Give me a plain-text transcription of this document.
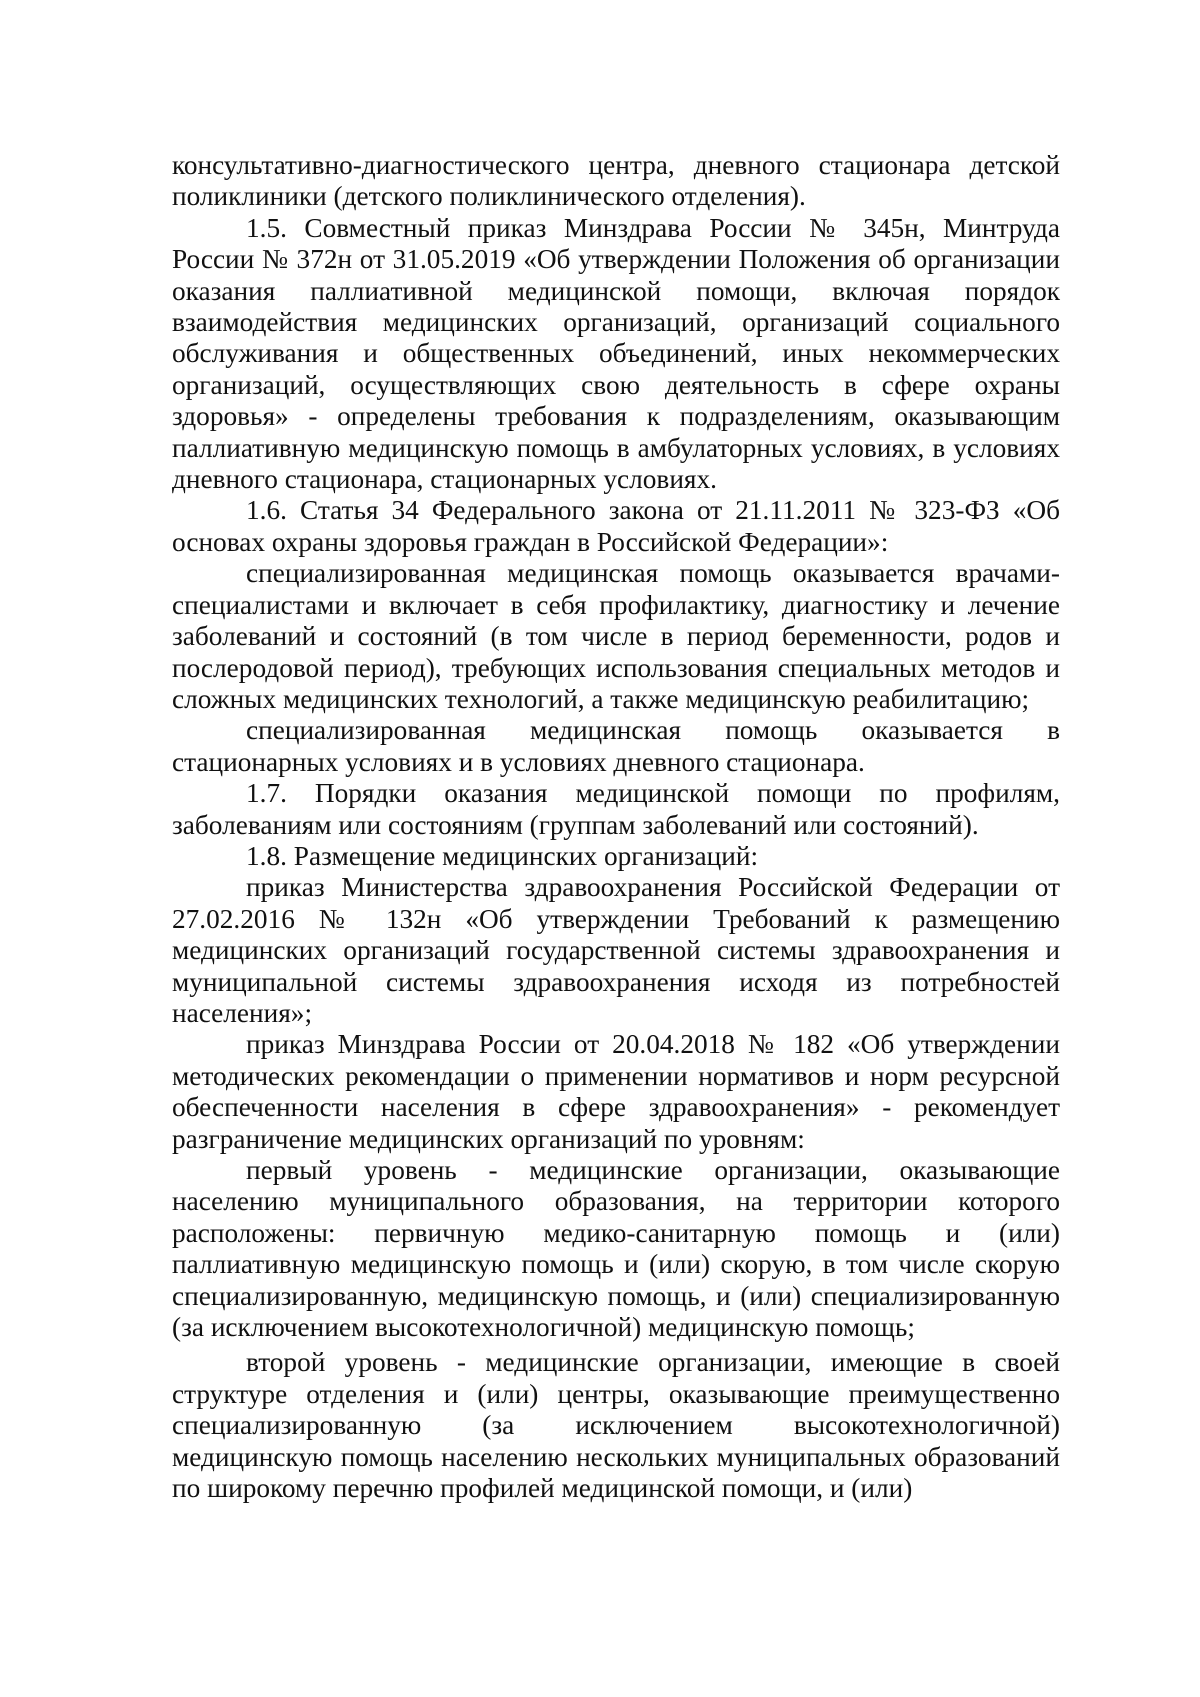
консультативно-диагностического центра, дневного стационара детской поликлиники (детского поликлинического отделения).

1.5. Совместный приказ Минздрава России № 345н, Минтруда России № 372н от 31.05.2019 «Об утверждении Положения об организации оказания паллиативной медицинской помощи, включая порядок взаимодействия медицинских организаций, организаций социального обслуживания и общественных объединений, иных некоммерческих организаций, осуществляющих свою деятельность в сфере охраны здоровья» - определены требования к подразделениям, оказывающим паллиативную медицинскую помощь в амбулаторных условиях, в условиях дневного стационара, стационарных условиях.

1.6. Статья 34 Федерального закона от 21.11.2011 № 323-ФЗ «Об основах охраны здоровья граждан в Российской Федерации»:

специализированная медицинская помощь оказывается врачами-специалистами и включает в себя профилактику, диагностику и лечение заболеваний и состояний (в том числе в период беременности, родов и послеродовой период), требующих использования специальных методов и сложных медицинских технологий, а также медицинскую реабилитацию;

специализированная медицинская помощь оказывается в стационарных условиях и в условиях дневного стационара.

1.7. Порядки оказания медицинской помощи по профилям, заболеваниям или состояниям (группам заболеваний или состояний).

1.8. Размещение медицинских организаций:

приказ Министерства здравоохранения Российской Федерации от 27.02.2016 № 132н «Об утверждении Требований к размещению медицинских организаций государственной системы здравоохранения и муниципальной системы здравоохранения исходя из потребностей населения»;

приказ Минздрава России от 20.04.2018 № 182 «Об утверждении методических рекомендации о применении нормативов и норм ресурсной обеспеченности населения в сфере здравоохранения» - рекомендует разграничение медицинских организаций по уровням:

первый уровень - медицинские организации, оказывающие населению муниципального образования, на территории которого расположены: первичную медико-санитарную помощь и (или) паллиативную медицинскую помощь и (или) скорую, в том числе скорую специализированную, медицинскую помощь, и (или) специализированную (за исключением высокотехнологичной) медицинскую помощь;

второй уровень - медицинские организации, имеющие в своей структуре отделения и (или) центры, оказывающие преимущественно специализированную (за исключением высокотехнологичной) медицинскую помощь населению нескольких муниципальных образований по широкому перечню профилей медицинской помощи, и (или)
